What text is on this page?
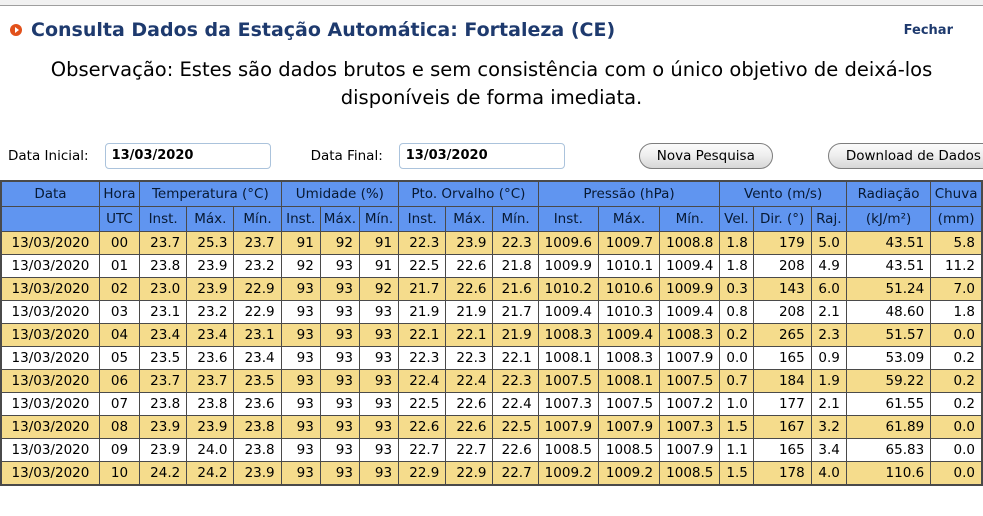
Consulta Dados da Estação Automática: Fortaleza (CE)	Fechar
Observação: Estes são dados brutos e sem consistência com o único objetivo de deixá-los disponíveis de forma imediata.
Data Inicial:
13/03/2020	Data Final:
13/03/2020	Nova Pesquisa	Download de Dados
Data	Hora	Temperatura (°C)			Umidade (%)			Pto. Orvalho (°C)			Pressão (hPa)			Vento (m/s)			Radiação	Chuva
	UTC	Inst.	Máx.	Mín.	Inst.	Máx.	Mín.	Inst.	Máx.	Mín.	Inst.	Máx.	Mín.	Vel.	Dir. (°)	Raj.	(kJ/m²)	(mm)
13/03/2020	00	23.7	25.3	23.7	91	92	91	22.3	23.9	22.3	1009.6	1009.7	1008.8	1.8	179	5.0	43.51	5.8
13/03/2020	01	23.8	23.9	23.2	92	93	91	22.5	22.6	21.8	1009.9	1010.1	1009.4	1.8	208	4.9	43.51	11.2
13/03/2020	02	23.0	23.9	22.9	93	93	92	21.7	22.6	21.6	1010.2	1010.6	1009.9	0.3	143	6.0	51.24	7.0
13/03/2020	03	23.1	23.2	22.9	93	93	93	21.9	21.9	21.7	1009.4	1010.3	1009.4	0.8	208	2.1	48.60	1.8
13/03/2020	04	23.4	23.4	23.1	93	93	93	22.1	22.1	21.9	1008.3	1009.4	1008.3	0.2	265	2.3	51.57	0.0
13/03/2020	05	23.5	23.6	23.4	93	93	93	22.3	22.3	22.1	1008.1	1008.3	1007.9	0.0	165	0.9	53.09	0.2
13/03/2020	06	23.7	23.7	23.5	93	93	93	22.4	22.4	22.3	1007.5	1008.1	1007.5	0.7	184	1.9	59.22	0.2
13/03/2020	07	23.8	23.8	23.6	93	93	93	22.5	22.6	22.4	1007.3	1007.5	1007.2	1.0	177	2.1	61.55	0.2
13/03/2020	08	23.9	23.9	23.8	93	93	93	22.6	22.6	22.5	1007.9	1007.9	1007.3	1.5	167	3.2	61.89	0.0
13/03/2020	09	23.9	24.0	23.8	93	93	93	22.7	22.7	22.6	1008.5	1008.5	1007.9	1.1	165	3.4	65.83	0.0
13/03/2020	10	24.2	24.2	23.9	93	93	93	22.9	22.9	22.7	1009.2	1009.2	1008.5	1.5	178	4.0	110.6	0.0
